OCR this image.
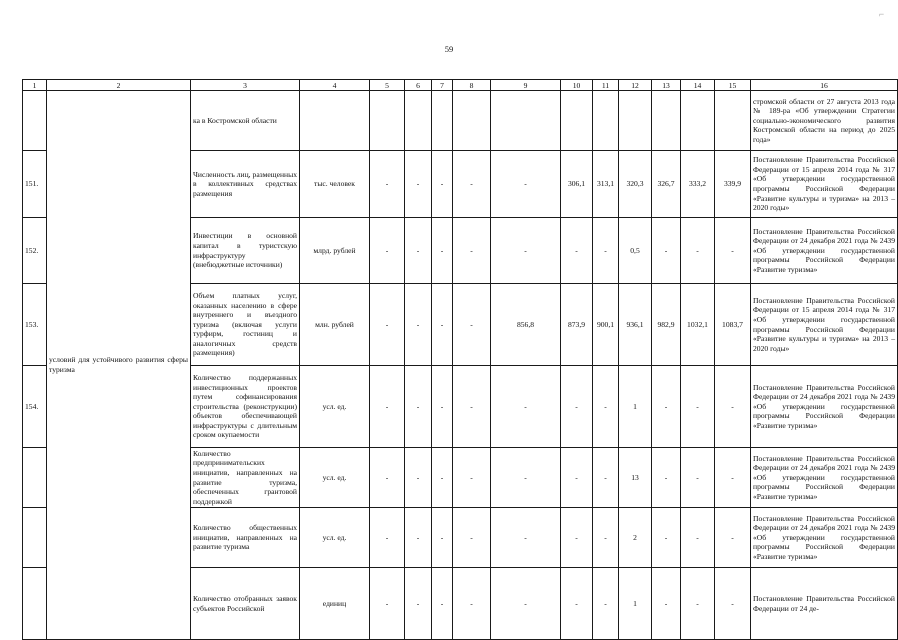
⌐
59
1	2	3	4	5	6	7	8	9	10	11	12	13	14	15	16
	условий для устойчивого развития сферы туризма	ка в Костромской области													стромской области от 27 августа 2013 года № 189-ра «Об утверждении Стратегии социально-экономического развития Костромской области на период до 2025 года»
151.		Численность лиц, размещенных в коллективных средствах размещения	тыс. человек	-	-	-	-	-	306,1	313,1	320,3	326,7	333,2	339,9	Постановление Правительства Российской Федерации от 15 апреля 2014 года № 317 «Об утверждении государственной программы Российской Федерации «Развитие культуры и туризма» на 2013 – 2020 годы»
152.		Инвестиции в основной капитал в туристскую инфраструктуру (внебюджетные источники)	млрд. рублей	-	-	-	-	-	-	-	0,5	-	-	-	Постановление Правительства Российской Федерации от 24 декабря 2021 года № 2439 «Об утверждении государственной программы Российской Федерации «Развитие туризма»
153.		Объем платных услуг, оказанных населению в сфере внутреннего и въездного туризма (включая услуги турфирм, гостиниц и аналогичных средств размещения)	млн. рублей	-	-	-	-	856,8	873,9	900,1	936,1	982,9	1032,1	1083,7	Постановление Правительства Российской Федерации от 15 апреля 2014 года № 317 «Об утверждении государственной программы Российской Федерации «Развитие культуры и туризма» на 2013 – 2020 годы»
154.		Количество поддержанных инвестиционных проектов путем софинансирования строительства (реконструкции) объектов обеспечивающей инфраструктуры с длительным сроком окупаемости	усл. ед.	-	-	-	-	-	-	-	1	-	-	-	Постановление Правительства Российской Федерации от 24 декабря 2021 года № 2439 «Об утверждении государственной программы Российской Федерации «Развитие туризма»
		Количество предпринимательских инициатив, направленных на развитие туризма, обеспеченных грантовой поддержкой	усл. ед.	-	-	-	-	-	-	-	13	-	-	-	Постановление Правительства Российской Федерации от 24 декабря 2021 года № 2439 «Об утверждении государственной программы Российской Федерации «Развитие туризма»
		Количество общественных инициатив, направленных на развитие туризма	усл. ед.	-	-	-	-	-	-	-	2	-	-	-	Постановление Правительства Российской Федерации от 24 декабря 2021 года № 2439 «Об утверждении государственной программы Российской Федерации «Развитие туризма»
		Количество отобранных заявок субъектов Российской	единиц	-	-	-	-	-	-	-	1	-	-	-	Постановление Правительства Российской Федерации от 24 де-
